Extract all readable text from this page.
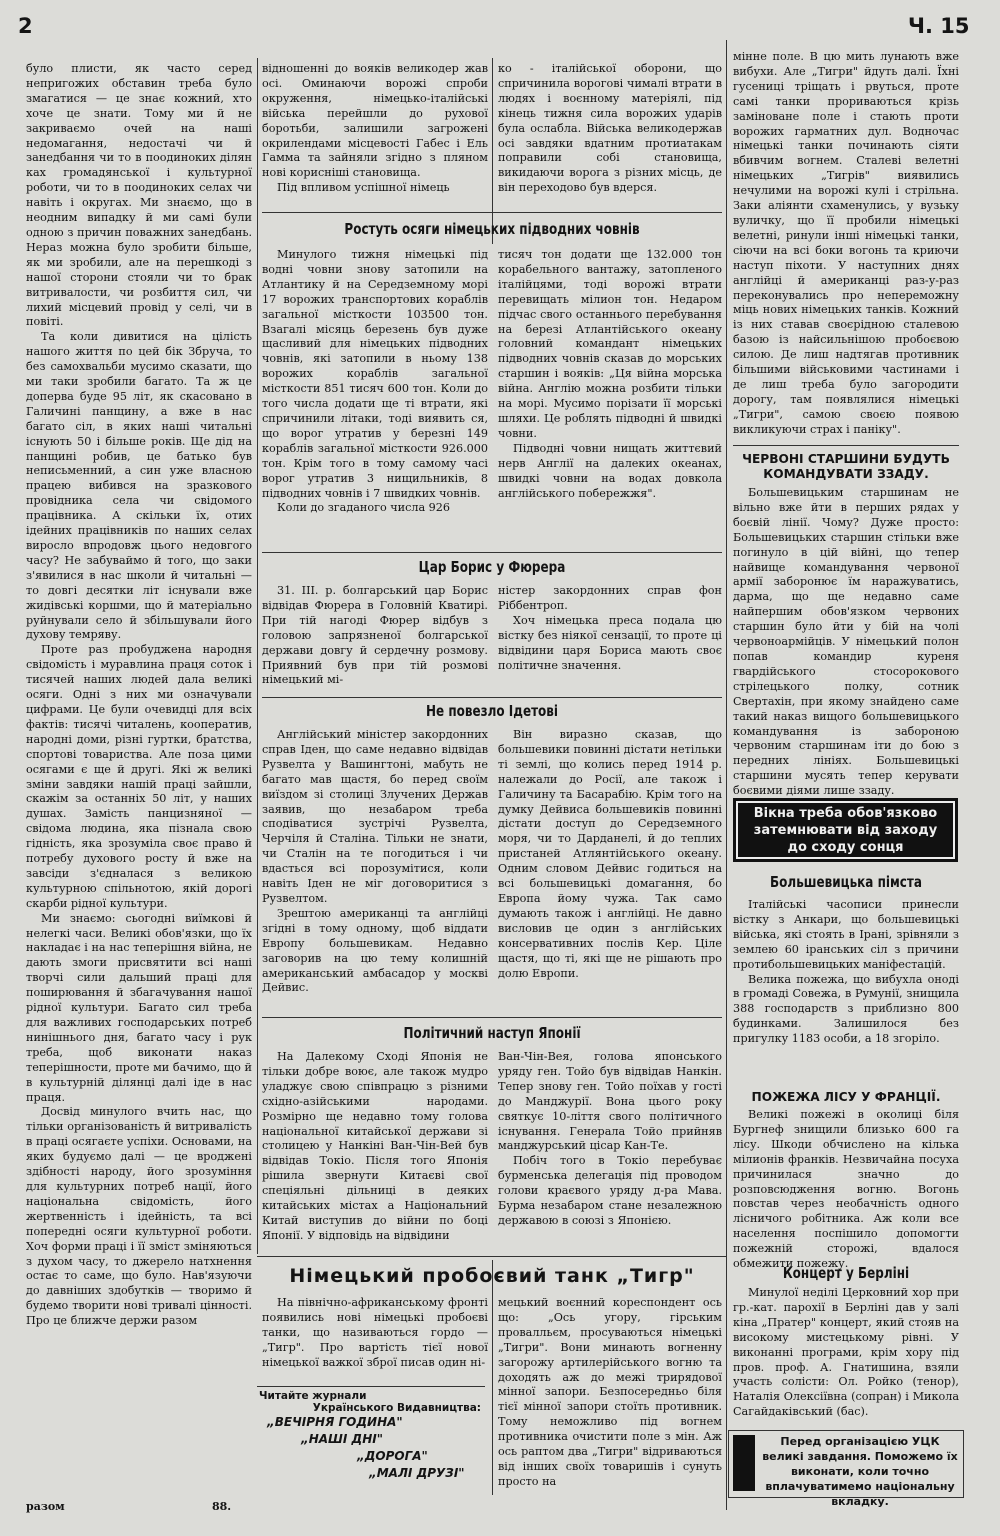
2	Ч. 15

було плисти, як часто серед непригожих обставин треба було змагатися — це знає кожний, хто хоче це знати. Тому ми й не закриваємо очей на наші недомагання, недостачі чи й занедбання чи то в поодиноких ділян ках громадянської і культурної роботи, чи то в поодиноких селах чи навіть і округах. Ми знаємо, що в неодним випадку й ми самі були одною з причин поважних занедбань. Нераз можна було зробити більше, як ми зробили, але на перешкоді з нашої сторони стояли чи то брак витривалости, чи розбиття сил, чи лихий місцевий провід у селі, чи в повіті.

Та коли дивитися на цілість нашого життя по цей бік Збруча, то без самохвальби мусимо сказати, що ми таки зробили багато. Та ж це доперва буде 95 літ, як скасовано в Галичині панщину, а вже в нас багато сіл, в яких наші читальні існують 50 і більше років. Ще дід на панщині робив, це батько був неписьменний, а син уже власною працею вибився на зразкового провідника села чи свідомого працівника. А скільки їх, отих ідейних працівників по наших селах виросло впродовж цього недовгого часу? Не забуваймо й того, що заки з'явилися в нас школи й читальні — то довгі десятки літ існували вже жидівські коршми, що й матеріально руйнували село й збільшували його духову темряву.

Проте раз пробуджена народня свідомість і муравлина праця соток і тисячей наших людей дала великі осяги. Одні з них ми означували цифрами. Це були очевидці для всіх фактів: тисячі читалень, кооператив, народні доми, різні гуртки, братства, спортові товариства. Але поза цими осягами є ще й другі. Які ж великі зміни завдяки нашій праці зайшли, скажім за останніх 50 літ, у наших душах. Замість панцизняної — свідома людина, яка пізнала свою гідність, яка зрозуміла своє право й потребу духового росту й вже на завсіди з'єдналася з великою культурною спільнотою, якій дорогі скарби рідної культури.

Ми знаємо: сьогодні виїмкові й нелегкі часи. Великі обов'язки, що їх накладає і на нас теперішня війна, не дають змоги присвятити всі наші творчі сили дальший праці для поширювання й збагачування нашої рідної культури. Багато сил треба для важливих господарських потреб нинішнього дня, багато часу і рук треба, щоб виконати наказ теперішности, проте ми бачимо, що й в культурній ділянці далі іде в нас праця.

Досвід минулого вчить нас, що тільки організованість й витривалість в праці осягаєте успіхи. Основами, на яких будуємо далі — це вроджені здібності народу, його зрозуміння для культурних потреб нації, його національна свідомість, його жертвенність і ідейність, та всі попередні осяги культурної роботи. Хоч форми праці і її зміст зміняються з духом часу, то джерело натхнення остає то саме, що було. Нав'язуючи до давніших здобутків — творимо й будемо творити нові тривалі цінності. Про це ближче держи разом

разом	88.

відношенні до вояків великодер жав осі. Оминаючи ворожі спроби окруження, німецько-італійські війська перейшли до рухової боротьби, залишили загрожені окрилендами місцевості Габес і Ель Гамма та зайняли згідно з пляном нові корисніші становища.

Під впливом успішної німець

ко - італійської оборони, що спричинила ворогові чималі втрати в людях і воєнному матеріялі, під кінець тижня сила ворожих ударів була ослабла. Війська великодержав осі завдяки вдатним протиатакам поправили собі становища, викидаючи ворога з різних місць, де він переходово був вдерся.

Ростуть осяги німецьких підводних човнів

Минулого тижня німецькі під водні човни знову затопили на Атлантику й на Середземному морі 17 ворожих транспортових кораблів загальної місткости 103500 тон. Взагалі місяць березень був дуже щасливий для німецьких підводних човнів, які затопили в ньому 138 ворожих кораблів загальної місткости 851 тисяч 600 тон. Коли до того числа додати ще ті втрати, які спричинили літаки, тоді виявить ся, що ворог утратив у березні 149 кораблів загальної місткости 926.000 тон. Крім того в тому самому часі ворог утратив 3 нищильників, 8 підводних човнів і 7 швидких човнів.

Коли до згаданого числа 926

тисяч тон додати ще 132.000 тон корабельного вантажу, затопленого італійцями, тоді ворожі втрати перевищать мілион тон. Недаром підчас свого останнього перебування на березі Атлантійського океану головний командант німецьких підводних човнів сказав до морських старшин і вояків: „Ця війна морська війна. Англію можна розбити тільки на морі. Мусимо порізати її морські шляхи. Це роблять підводні й швидкі човни.

Підводні човни нищать життєвий нерв Англії на далеких океанах, швидкі човни на водах довкола англійського побережжя".

Цар Борис у Фюрера

31. III. р. болгарський цар Борис відвідав Фюрера в Головній Кватирі. При тій нагоді Фюрер відбув з головою запрязненої болгарської держави довгу й сердечну розмову. Приявний був при тій розмові німецький мі-

ністер закордонних справ фон Ріббентроп.

Хоч німецька преса подала цю вістку без ніякої сензації, то проте ці відвідини царя Бориса мають своє політичне значення.

Не повезло Ідетові

Англійський міністер закордонних справ Іден, що саме недавно відвідав Рузвелта у Вашингтоні, мабуть не багато мав щастя, бо перед своїм виїздом зі столиці Злучених Держав заявив, що незабаром треба сподіватися зустрічі Рузвелта, Черчіля й Сталіна. Тільки не знати, чи Сталін на те погодиться і чи вдасться всі порозумітися, коли навіть Іден не міг договоритися з Рузвелтом.

Зрештою американці та англійці згідні в тому одному, щоб віддати Европу большевикам. Недавно заговорив на цю тему колишній американський амбасадор у москві Дейвис.

Він виразно сказав, що большевики повинні дістати нетільки ті землі, що колись перед 1914 р. належали до Росії, але також і Галичину та Басарабію. Крім того на думку Дейвиса большевиків повинні дістати доступ до Середземного моря, чи то Дарданелі, й до теплих пристаней Атлянтійського океану. Одним словом Дейвис годиться на всі большевицькі домагання, бо Европа йому чужа. Так само думають також і англійці. Не давно висловив це один з англійських консервативних послів Кер. Ціле щастя, що ті, які ще не рішають про долю Европи.

Політичний наступ Японії

На Далекому Сході Японія не тільки добре воює, але також мудро уладжує свою співпрацю з різними східно-азійськими народами. Розмірно ще недавно тому голова національної китайської держави зі столицею у Нанкіні Ван-Чін-Вей був відвідав Токіо. Після того Японія рішила звернути Китаєві свої спеціяльні дільниці в деяких китайських містах а Національний Китай виступив до війни по боці Японії. У відповідь на відвідини

Ван-Чін-Вея, голова японського уряду ген. Тойо був відвідав Нанкін. Тепер знову ген. Тойо поїхав у гості до Манджурії. Вона цього року святкує 10-ліття свого політичного існування. Генерала Тойо прийняв манджурський цісар Кан-Те.

Побіч того в Токіо перебуває бурменська делегація під проводом голови краєвого уряду д-ра Мава. Бурма незабаром стане незалежною державою в союзі з Японією.

Німецький пробоєвий танк „Тигр"

На північно-африканському фронті появились нові німецькі пробоєві танки, що називаються гордо — „Тигр". Про вартість тієї нової німецької важкої зброї писав один ні-

мецький воєнний кореспондент ось що: „Ось угору, гірським провалльєм, просуваються німецькі „Тигри". Вони минають вогненну загорожу артилерійського вогню та доходять аж до межі трирядової мінної запори. Безпосередньо біля тієї мінної запори стоїть противник. Тому неможливо під вогнем противника очистити поле з мін. Аж ось раптом два „Тигри" відриваються від інших своїх товаришів і сунуть просто на

Читайте журнали
Українського Видавництва:
„ВЕЧІРНЯ ГОДИНА"
„НАШІ ДНІ"
„ДОРОГА"
„МАЛІ ДРУЗІ"

мінне поле. В цю мить лунають вже вибухи. Але „Тигри" йдуть далі. Їхні гусениці тріщать і рвуться, проте самі танки прориваються крізь заміноване поле і стають проти ворожих гарматних дул. Водночас німецькі танки починають сіяти вбивчим вогнем. Сталеві велетні німецьких „Тигрів" виявились нечулими на ворожі кулі і стрільна. Заки аліянти схаменулись, у вузьку вуличку, що її пробили німецькі велетні, ринули інші німецькі танки, сіючи на всі боки вогонь та криючи наступ піхоти. У наступних днях англійці й американці раз-у-раз переконувались про непереможну міць нових німецьких танків. Кожний із них ставав своєрідною сталевою базою із найсильнішою пробоєвою силою. Де лиш надтягав противник більшими військовими частинами і де лиш треба було загородити дорогу, там появлялися німецькі „Тигри", самою своєю появою викликуючи страх і паніку".

ЧЕРВОНІ СТАРШИНИ БУДУТЬ
КОМАНДУВАТИ ЗЗАДУ.

Большевицьким старшинам не вільно вже йти в перших рядах у боєвій лінії. Чому? Дуже просто: Большевицьких старшин стільки вже погинуло в цій війні, що тепер найвище командування червоної армії заборонює їм наражуватись, дарма, що ще недавно саме найпершим обов'язком червоних старшин було йти у бій на чолі червоноармійців. У німецький полон попав командир куреня гвардійського стосорокового стрілецького полку, сотник Свертахін, при якому знайдено саме такий наказ вищого большевицького командування із забороною червоним старшинам іти до бою з передних лініях. Большевицькі старшини мусять тепер керувати боєвими діями лише ззаду.

Вікна треба обов'язково
затемнювати від заходу
до сходу сонця
Большевицька пімста

Італійські часописи принесли вістку з Анкари, що большевицькі війська, які стоять в Ірані, зрівняли з землею 60 іранських сіл з причини протибольшевицьких маніфестацій.

Велика пожежа, що вибухла оноді в громаді Совежа, в Румунії, знищила 388 господарств з приблизно 800 будинками. Залишилося без пригулку 1183 особи, а 18 згоріло.

ПОЖЕЖА ЛІСУ У ФРАНЦІЇ.

Великі пожежі в околиці біля Бургнеф знищили близько 600 га лісу. Шкоди обчислено на кілька мілионів франків. Незвичайна посуха причинилася значно до розповсюдження вогню. Вогонь повстав через необачність одного лісничого робітника. Аж коли все населення поспішило допомогти пожежній сторожі, вдалося обмежити пожежу.

Концерт у Берліні

Минулої неділі Церковний хор при гр.-кат. парохії в Берліні дав у залі кіна „Пратер" концерт, який стояв на високому мистецькому рівні. У виконанні програми, крім хору під пров. проф. А. Гнатишина, взяли участь солісти: Ол. Ройко (тенор), Наталія Олексіївна (сопран) і Микола Сагайдаківський (бас).

Перед організацією УЦК великі завдання. Поможемо їх виконати, коли точно вплачуватимемо національну вкладку.
